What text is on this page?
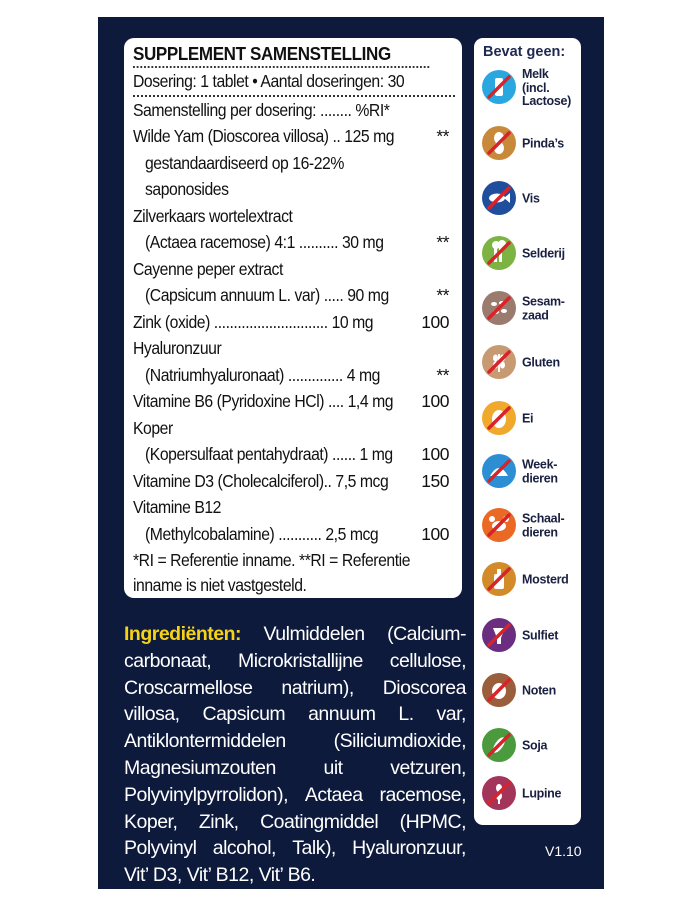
SUPPLEMENT SAMENSTELLING
Dosering: 1 tablet • Aantal doseringen: 30
Samenstelling per dosering: ........ %RI*
Wilde Yam (Dioscorea villosa) .. 125 mg **
gestandaardiseerd op 16-22%
saponosides
Zilverkaars wortelextract
(Actaea racemose) 4:1 .......... 30 mg	**
Cayenne peper extract
(Capsicum annuum L. var) ..... 90 mg	**
Zink (oxide) ............................. 10 mg	100
Hyaluronzuur
(Natriumhyaluronaat) .............. 4 mg	**
Vitamine B6 (Pyridoxine HCl) .... 1,4 mg 100
Koper
(Kopersulfaat pentahydraat) ...... 1 mg 100
Vitamine D3 (Cholecalciferol).. 7,5 mcg 150
Vitamine B12
(Methylcobalamine) ........... 2,5 mcg 100
*RI = Referentie inname. **RI = Referentie
inname is niet vastgesteld.
Bevat geen:
Melk
(incl.
Lactose)
Pinda’s
Vis
Selderij
Sesam-
zaad
Gluten
Ei
Week-
dieren
Schaal-
dieren
Mosterd
Sulfiet
Noten
Soja
Lupine
Ingrediënten: Vulmiddelen (Calcium-
carbonaat, Microkristallijne cellulose,
Croscarmellose natrium), Dioscorea
villosa, Capsicum annuum L. var,
Antiklontermiddelen (Siliciumdioxide,
Magnesiumzouten uit vetzuren,
Polyvinylpyrrolidon), Actaea racemose,
Koper, Zink, Coatingmiddel (HPMC,
Polyvinyl alcohol, Talk), Hyaluronzuur,
Vit’ D3, Vit’ B12, Vit’ B6.
V1.10
